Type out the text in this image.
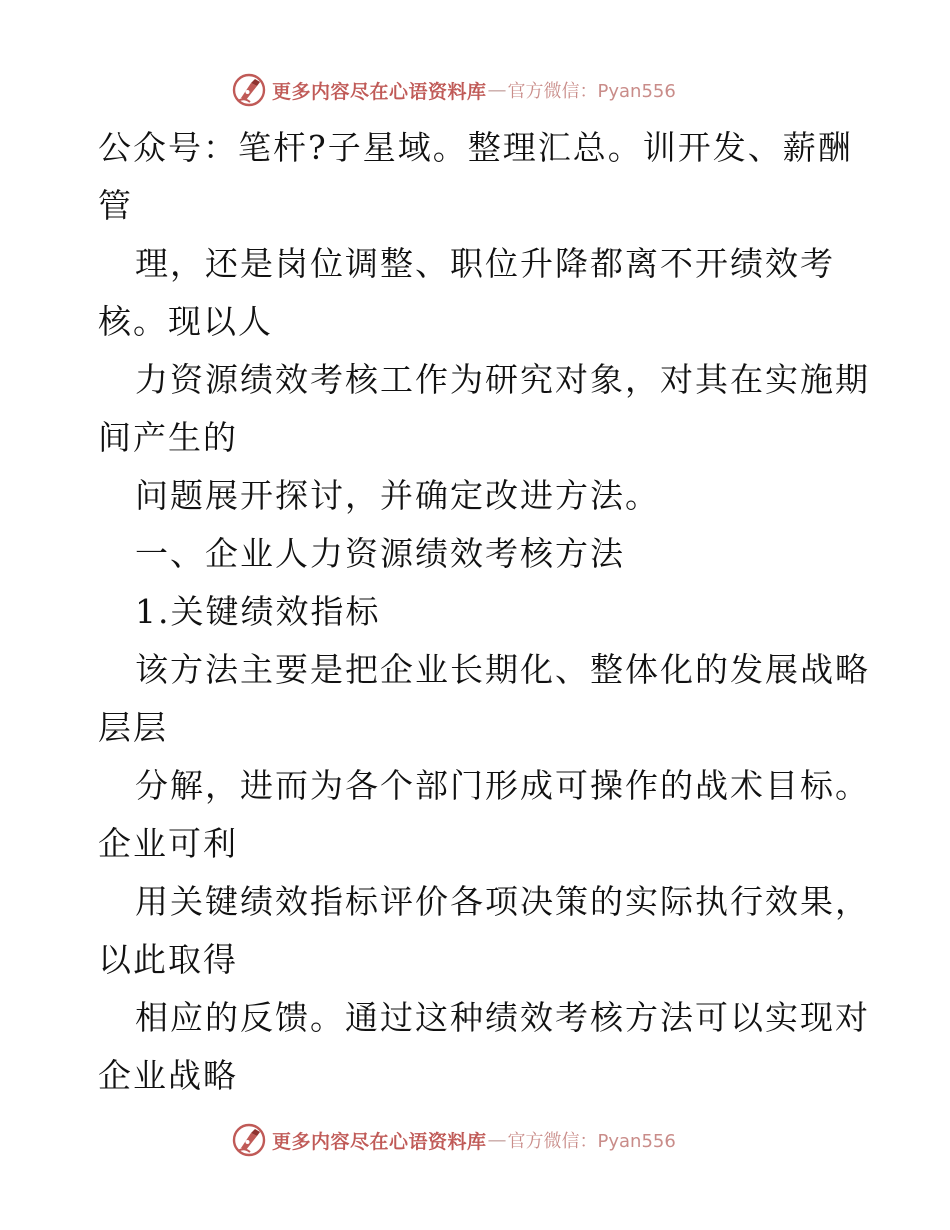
更多内容尽在心语资料库 — 官方微信：Pyan556
公众号：笔杆?子星域。整理汇总。训开发、薪酬
管
理，还是岗位调整、职位升降都离不开绩效考
核。现以人
力资源绩效考核工作为研究对象，对其在实施期
间产生的
问题展开探讨，并确定改进方法。
一、企业人力资源绩效考核方法
1.关键绩效指标
该方法主要是把企业长期化、整体化的发展战略
层层
分解，进而为各个部门形成可操作的战术目标。
企业可利
用关键绩效指标评价各项决策的实际执行效果，
以此取得
相应的反馈。通过这种绩效考核方法可以实现对
企业战略
更多内容尽在心语资料库 — 官方微信：Pyan556
